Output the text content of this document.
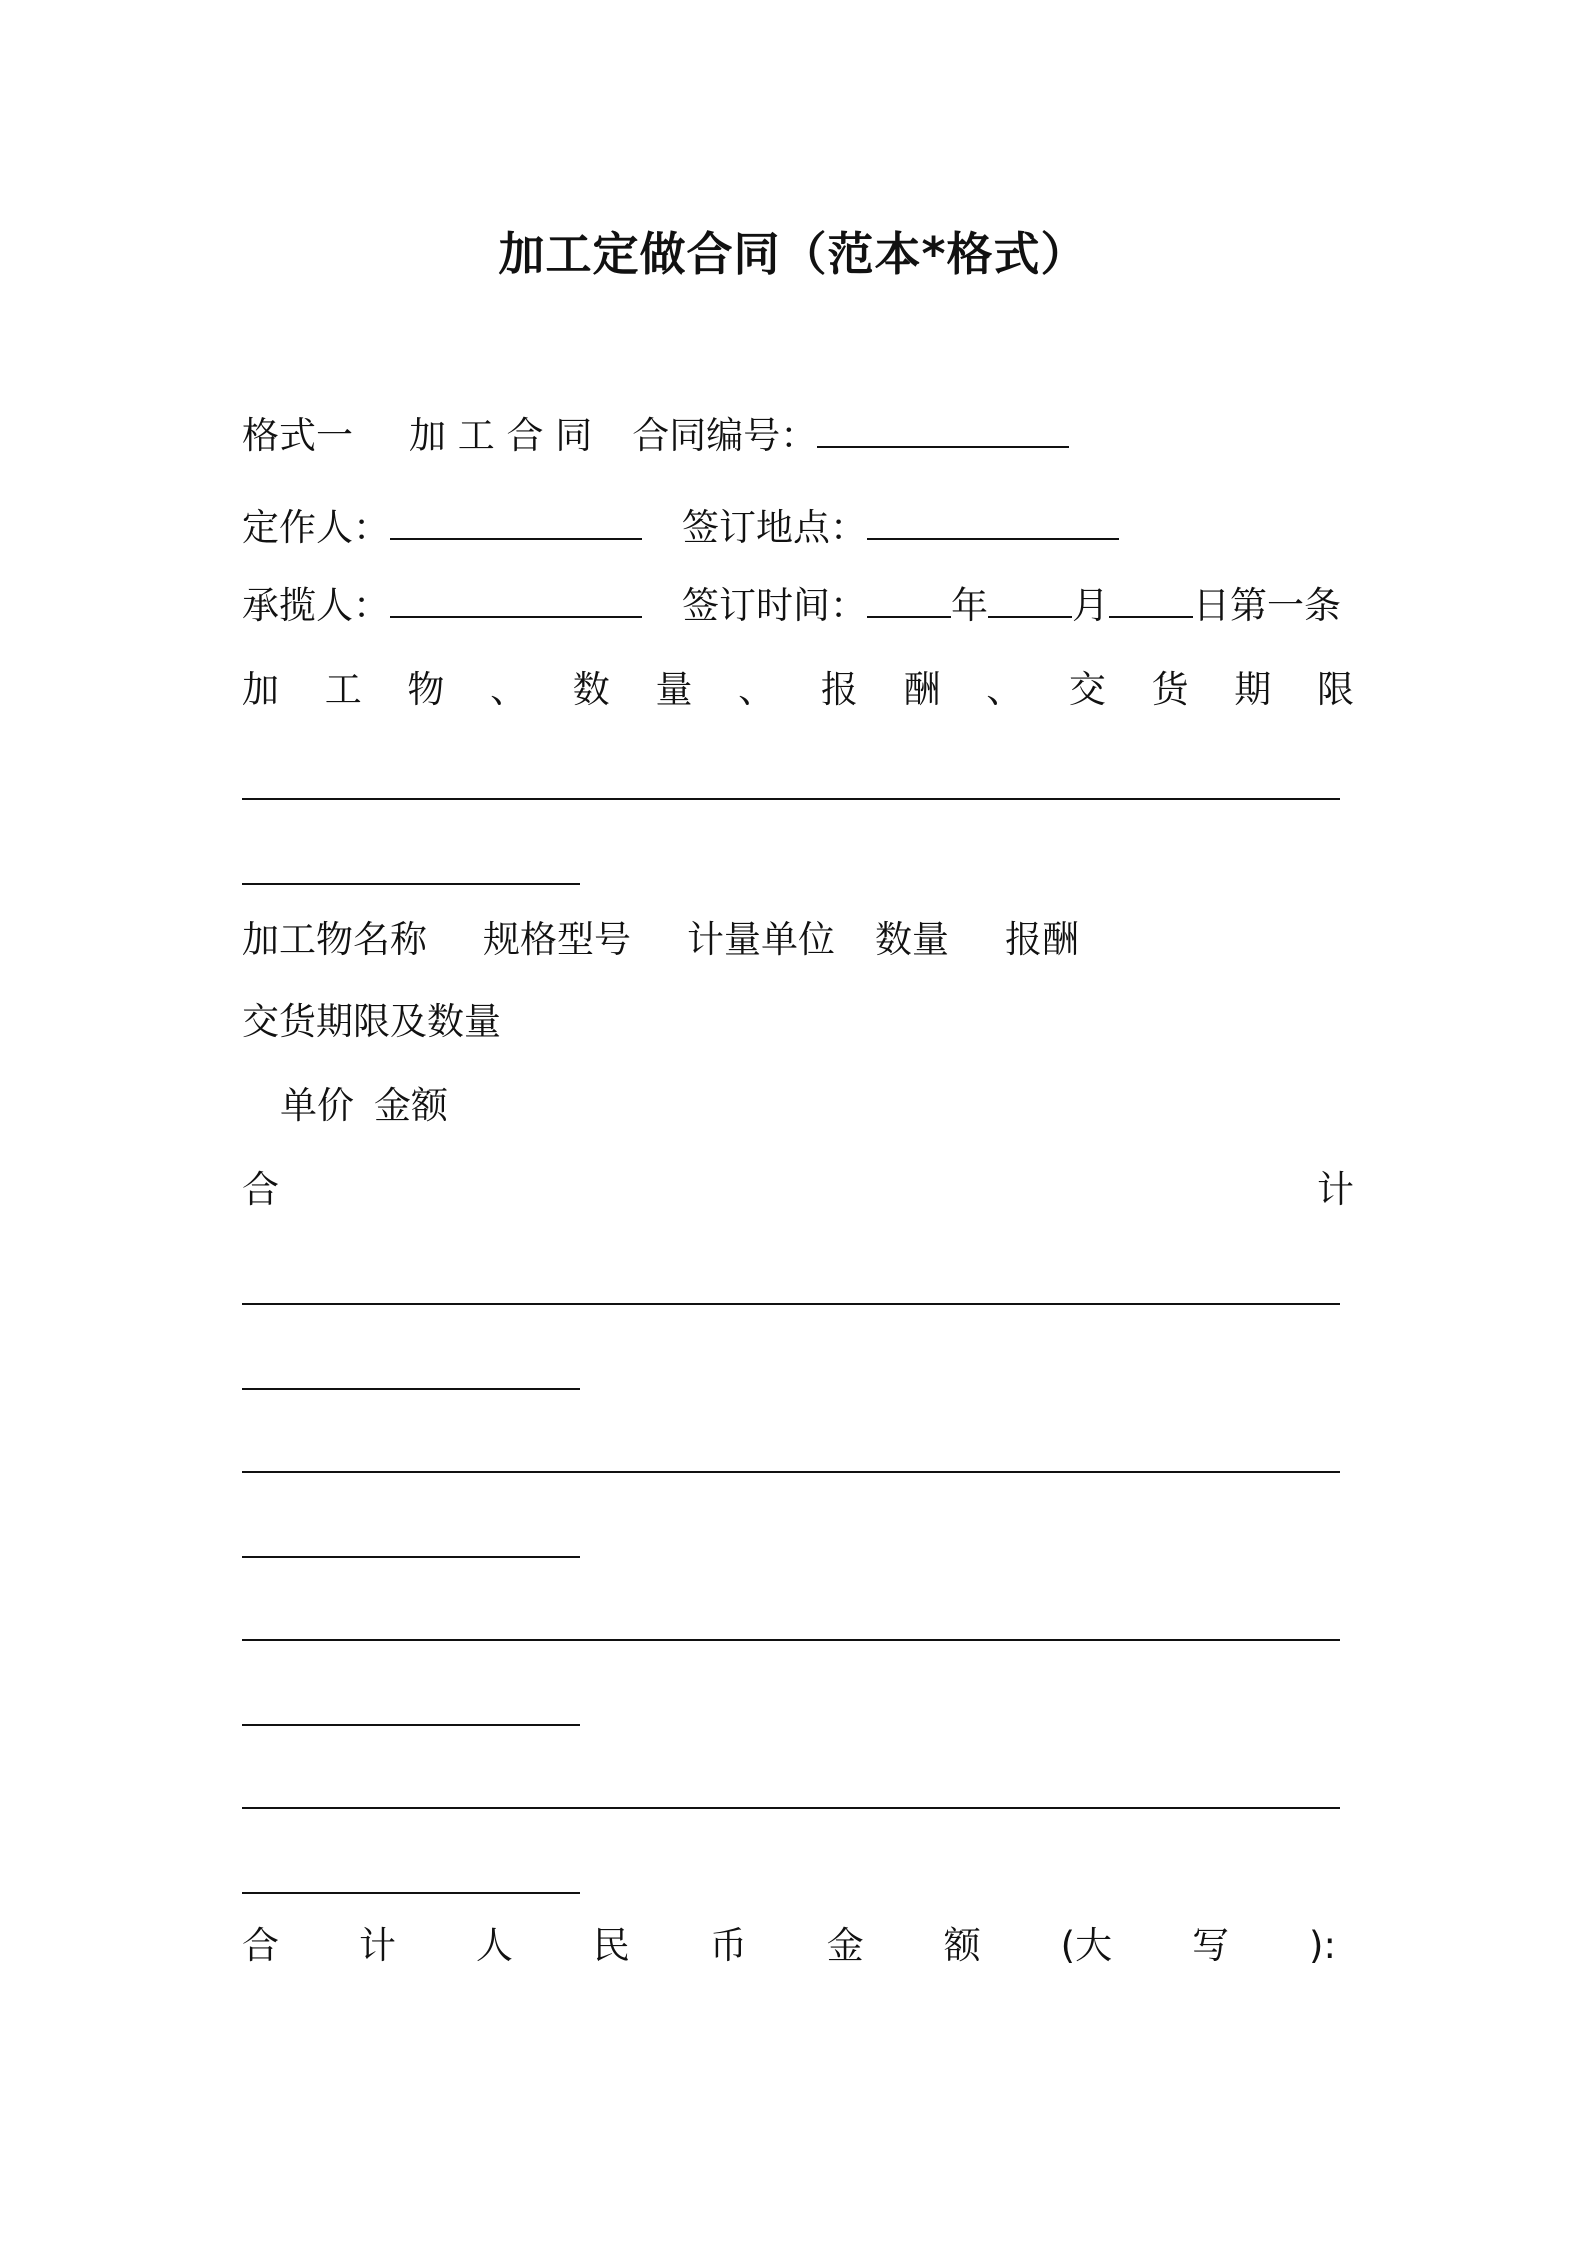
加工定做合同（范本*格式）
格式一 加 工 合 同 合同编号：
定作人：	签订地点：
承揽人：	签订时间： 年 月 日第一条
加 工 物 、 数 量 、 报 酬 、 交 货 期 限
加工物名称 规格型号 计量单位 数量 报酬
交货期限及数量
单价 金额
合	计
合 计 人 民 币 金 额 (大 写 ):
